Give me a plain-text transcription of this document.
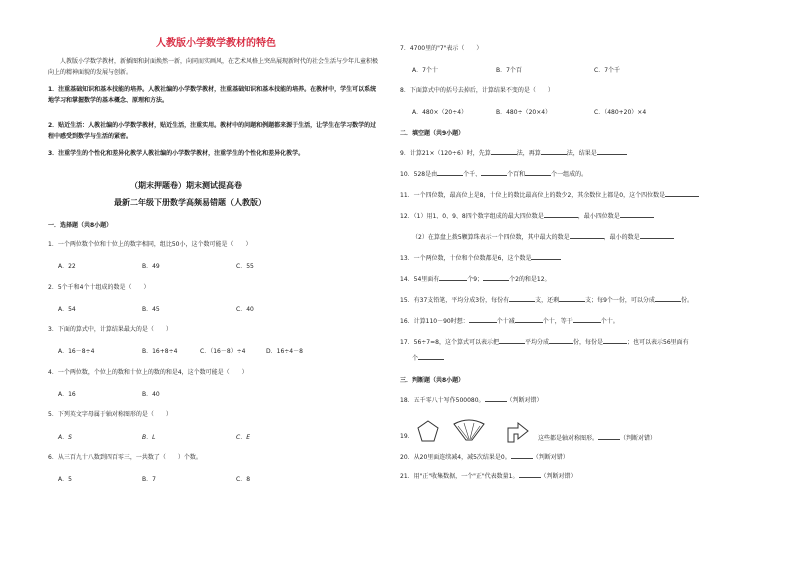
人教版小学数学教材的特色
人教版小学数学教材，新插图和封面焕然一新，向同而实画风，在艺术风格上突出展现新时代的社会生活与少年儿童积极向上的精神面貌的发展与创新。
1．注重基础知识和基本技能的培养。人教社编的小学数学教材，注重基础知识和基本技能的培养。在教材中，学生可以系统地学习和掌握数学的基本概念、原理和方法。
2．贴近生活：人教社编的小学数学教材，贴近生活，注重实用。教材中的问题和例题都来源于生活，让学生在学习数学的过程中感受到数学与生活的紧密。
3．注重学生的个性化和差异化教学人教社编的小学数学教材，注重学生的个性化和差异化教学。
（期末押题卷）期末测试提高卷
最新二年级下册数学高频易错题（人教版）
一．选择题（共8小题）
1．一个两位数个位和十位上的数字相同，组比50小，这个数可能是（　　）
A．22	B．49	C．55
2．5个千和4个十组成的数是（　　）
A．54	B．45	C．40
3．下面的算式中，计算结果最大的是（　　）
A．16－8÷4	B．16+8÷4	C．（16－8）÷4	D．16÷4－8
4．一个两位数，个位上的数和十位上的数的和是4，这个数可能是（　　）
A．16	B．40
5．下列英文字母属于轴对称图形的是（　　）
A．S	B．L	C．E
6．从三百九十八数到四百零三，一共数了（　　）个数。
A．5	B．7	C．8
7．4700里的"7"表示（　　）
A．7个十	B．7个百	C．7个千
8．下面算式中的括号去掉后，计算结果不变的是（　　）
A．480×（20÷4）	B．480÷（20×4）	C．（480+20）×4
二．填空题（共9小题）
9．计算21×（120÷6）时，先算	法，再算	法，结果是
10．528是由	个千、	个百和	个一组成的。
11．一个四位数，最高位上是8，十位上的数比最高位上的数少2，其余数位上都是0，这个四位数是
12．（1）用1、0、9、8四个数字组成的最大四位数是	，最小四位数是
（2）在算盘上拨5颗算珠表示一个四位数，其中最大的数是	，最小的数是
13．一个两位数，十位和个位数都是6，这个数是
14．54里面有	个9；	个2的和是12。
15．有37支铅笔，平均分成3份，每份有	支，还剩	支；每9个一份，可以分成	份。
16．计算110－90时想：	个十减	个十，等于	个十。
17．56÷7=8，这个算式可以表示把	平均分成	份，每份是	；也可以表示56里面有
个
三．判断题（共8小题）
18．五千零八十写作500080。	（判断对错）
19．	这些都是轴对称图形。	（判断对错）
20．从20里面连续减4，减5次结果是0。	（判断对错）
21．用"正"收集数据，一个"正"代表数量1。	（判断对错）
